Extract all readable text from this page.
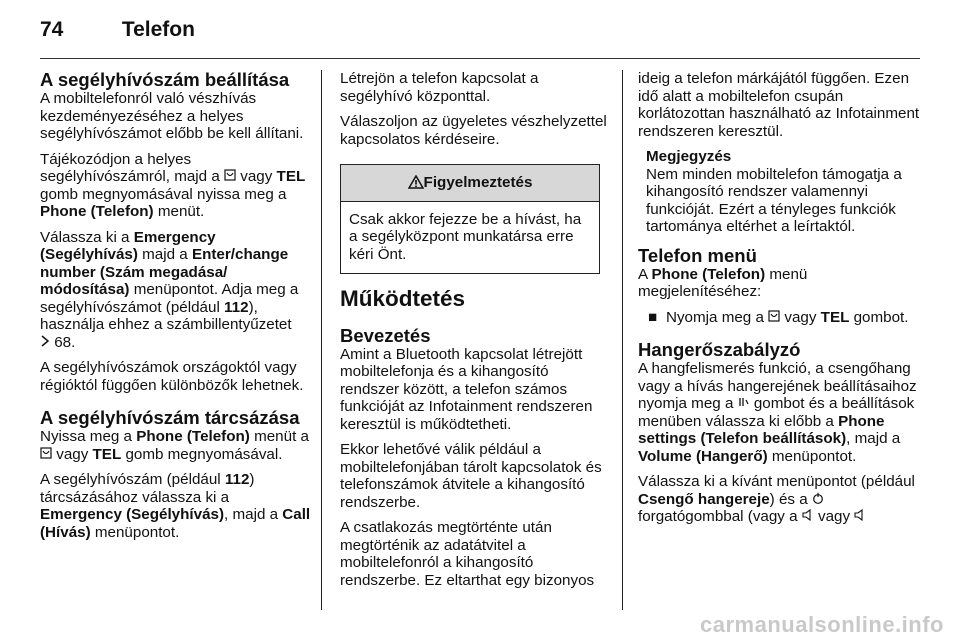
74	Telefon
A segélyhívószám beállítása

A mobiltelefonról való vészhívás kezdeményezéséhez a helyes segélyhívószámot előbb be kell állítani.

Tájékozódjon a helyes segélyhívószámról, majd a  vagy TEL gomb megnyomásával nyissa meg a Phone (Telefon) menüt.

Válassza ki a Emergency (Segélyhívás) majd a Enter/change number (Szám megadása/ módosítása) menüpontot. Adja meg a segélyhívószámot (például 112), használja ehhez a számbillentyűzetet
68.

A segélyhívószámok országoktól vagy régióktól függően különbözők lehetnek.

A segélyhívószám tárcsázása

Nyissa meg a Phone (Telefon) menüt a  vagy TEL gomb megnyomásával.

A segélyhívószám (például 112) tárcsázásához válassza ki a Emergency (Segélyhívás), majd a Call (Hívás) menüpontot.

Létrejön a telefon kapcsolat a segélyhívó központtal.

Válaszoljon az ügyeletes vészhelyzettel kapcsolatos kérdéseire.

Figyelmeztetés
Csak akkor fejezze be a hívást, ha a segélyközpont munkatársa erre kéri Önt.
Működtetés
Bevezetés

Amint a Bluetooth kapcsolat létrejött mobiltelefonja és a kihangosító rendszer között, a telefon számos funkcióját az Infotainment rendszeren keresztül is működtetheti.

Ekkor lehetővé válik például a mobiltelefonjában tárolt kapcsolatok és telefonszámok átvitele a kihangosító rendszerbe.

A csatlakozás megtörténte után megtörténik az adatátvitel a mobiltelefonról a kihangosító rendszerbe. Ez eltarthat egy bizonyos

ideig a telefon márkájától függően. Ezen idő alatt a mobiltelefon csupán korlátozottan használható az Infotainment rendszeren keresztül.

Megjegyzés
Nem minden mobiltelefon támogatja a kihangosító rendszer valamennyi funkcióját. Ezért a tényleges funkciók tartománya eltérhet a leírtaktól.
Telefon menü

A Phone (Telefon) menü megjelenítéséhez:

■ Nyomja meg a  vagy TEL gombot.
Hangerőszabályzó

A hangfelismerés funkció, a csengőhang vagy a hívás hangerejének beállításaihoz nyomja meg a  gombot és a beállítások menüben válassza ki előbb a Phone settings (Telefon beállítások), majd a Volume (Hangerő) menüpontot.

Válassza ki a kívánt menüpontot (például Csengő hangereje) és a  forgatógombbal (vagy a  vagy

carmanualsonline.info
